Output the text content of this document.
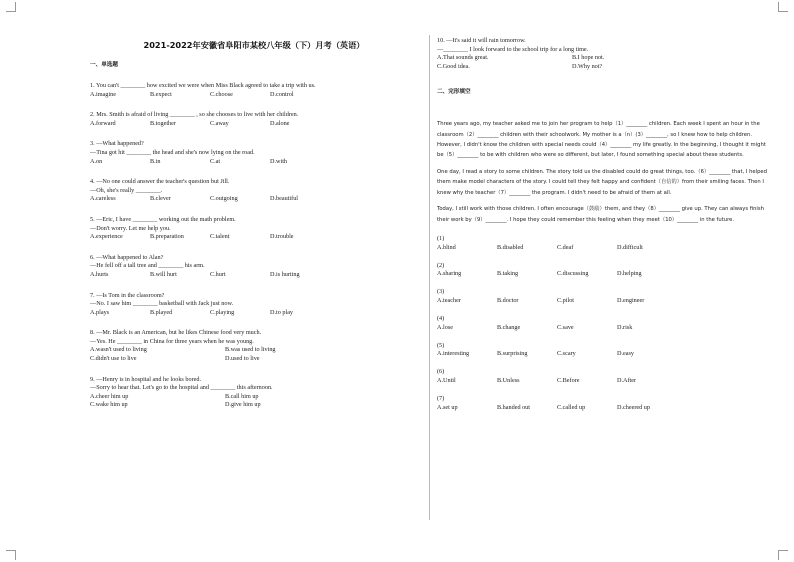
2021-2022年安徽省阜阳市某校八年级（下）月考（英语）
一、单选题
1. You can't ________ how excited we were when Miss Black agreed to take a trip with us.
A.imagine	B.expect	C.choose	D.control
2. Mrs. Smith is afraid of living ________ , so she chooses to live with her children.
A.forward	B.together	C.away	D.alone
3. —What happened?
—Tina got hit ________ the head and she's now lying on the road.
A.on	B.in	C.at	D.with
4. —No one could answer the teacher's question but Jill.
—Oh, she's really ________.
A.careless	B.clever	C.outgoing	D.beautiful
5. —Eric, I have ________ working out the math problem.
—Don't worry. Let me help you.
A.experience	B.preparation	C.talent	D.trouble
6. —What happened to Alan?
—He fell off a tall tree and ________ his arm.
A.hurts	B.will hurt	C.hurt	D.is hurting
7. —Is Tom in the classroom?
—No. I saw him ________ basketball with Jack just now.
A.plays	B.played	C.playing	D.to play
8. —Mr. Black is an American, but he likes Chinese food very much.
—Yes. He ________ in China for three years when he was young.
A.wasn't used to living	B.was used to living
C.didn't use to live	D.used to live
9. —Henry is in hospital and he looks bored.
—Sorry to hear that. Let's go to the hospital and ________ this afternoon.
A.cheer him up	B.call him up
C.wake him up	D.give him up
10. —It's said it will rain tomorrow.
—________ I look forward to the school trip for a long time.
A.That sounds great.	B.I hope not.
C.Good idea.	D.Why not?
二、完形填空
Three years ago, my teacher asked me to join her program to help（1）________ children. Each week I spent an hour in the classroom（2）________ children with their schoolwork. My mother is a（n）(3）________, so I knew how to help children. However, I didn't know the children with special needs could（4）________ my life greatly. In the beginning, I thought it might be（5）________ to be with children who were so different, but later, I found something special about these students.
One day, I read a story to some children. The story told us the disabled could do great things, too.（6）________ that, I helped them make model characters of the story. I could tell they felt happy and confident（自信的）from their smiling faces. Then I knew why the teacher（7）________ the program. I didn't need to be afraid of them at all.
Today, I still work with those children. I often encourage（鼓励）them, and they（8）________ give up. They can always finish their work by（9）________. I hope they could remember this feeling when they meet（10）________ in the future.
(1)
A.blind	B.disabled	C.deaf	D.difficult
(2)
A.sharing	B.taking	C.discussing	D.helping
(3)
A.teacher	B.doctor	C.pilot	D.engineer
(4)
A.lose	B.change	C.save	D.risk
(5)
A.interesting	B.surprising	C.scary	D.easy
(6)
A.Until	B.Unless	C.Before	D.After
(7)
A.set up	B.handed out	C.called up	D.cheered up
